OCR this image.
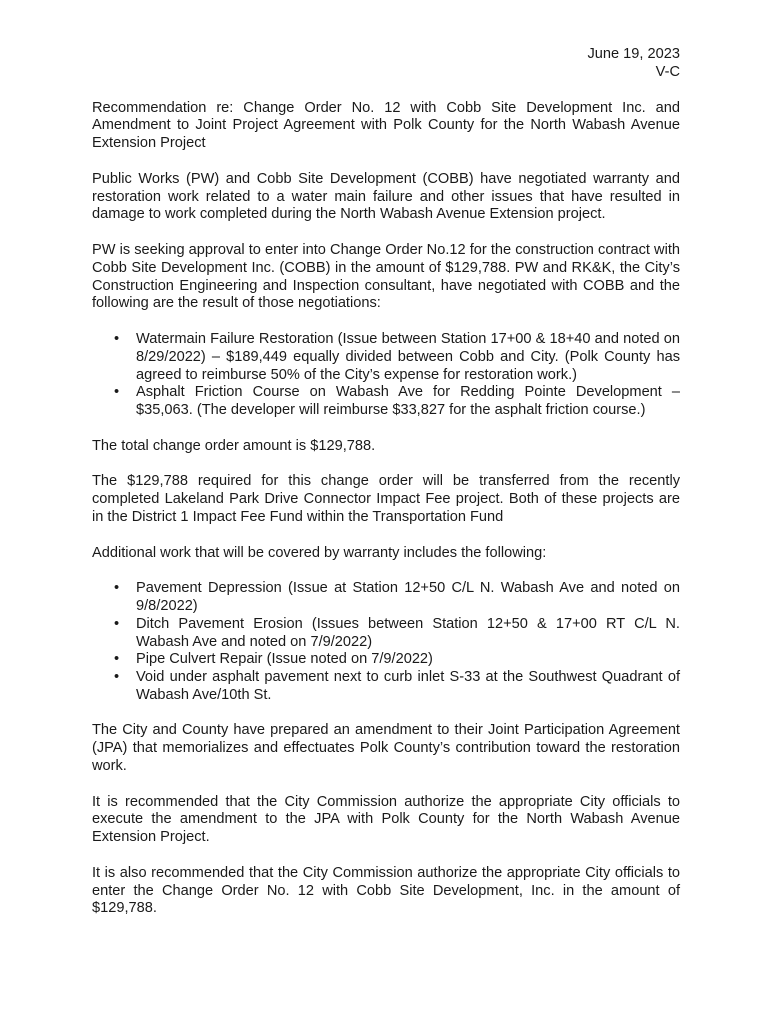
June 19, 2023
V-C

Recommendation re: Change Order No. 12 with Cobb Site Development Inc. and Amendment to Joint Project Agreement with Polk County for the North Wabash Avenue Extension Project

Public Works (PW) and Cobb Site Development (COBB) have negotiated warranty and restoration work related to a water main failure and other issues that have resulted in damage to work completed during the North Wabash Avenue Extension project.

PW is seeking approval to enter into Change Order No.12 for the construction contract with Cobb Site Development Inc. (COBB) in the amount of $129,788. PW and RK&K, the City’s Construction Engineering and Inspection consultant, have negotiated with COBB and the following are the result of those negotiations:

• Watermain Failure Restoration (Issue between Station 17+00 & 18+40 and noted on 8/29/2022) – $189,449 equally divided between Cobb and City. (Polk County has agreed to reimburse 50% of the City’s expense for restoration work.)
• Asphalt Friction Course on Wabash Ave for Redding Pointe Development – $35,063. (The developer will reimburse $33,827 for the asphalt friction course.)

The total change order amount is $129,788.

The $129,788 required for this change order will be transferred from the recently completed Lakeland Park Drive Connector Impact Fee project. Both of these projects are in the District 1 Impact Fee Fund within the Transportation Fund

Additional work that will be covered by warranty includes the following:

• Pavement Depression (Issue at Station 12+50 C/L N. Wabash Ave and noted on 9/8/2022)
• Ditch Pavement Erosion (Issues between Station 12+50 & 17+00 RT C/L N. Wabash Ave and noted on 7/9/2022)
• Pipe Culvert Repair (Issue noted on 7/9/2022)
• Void under asphalt pavement next to curb inlet S-33 at the Southwest Quadrant of Wabash Ave/10th St.

The City and County have prepared an amendment to their Joint Participation Agreement (JPA) that memorializes and effectuates Polk County’s contribution toward the restoration work.

It is recommended that the City Commission authorize the appropriate City officials to execute the amendment to the JPA with Polk County for the North Wabash Avenue Extension Project.

It is also recommended that the City Commission authorize the appropriate City officials to enter the Change Order No. 12 with Cobb Site Development, Inc. in the amount of $129,788.
